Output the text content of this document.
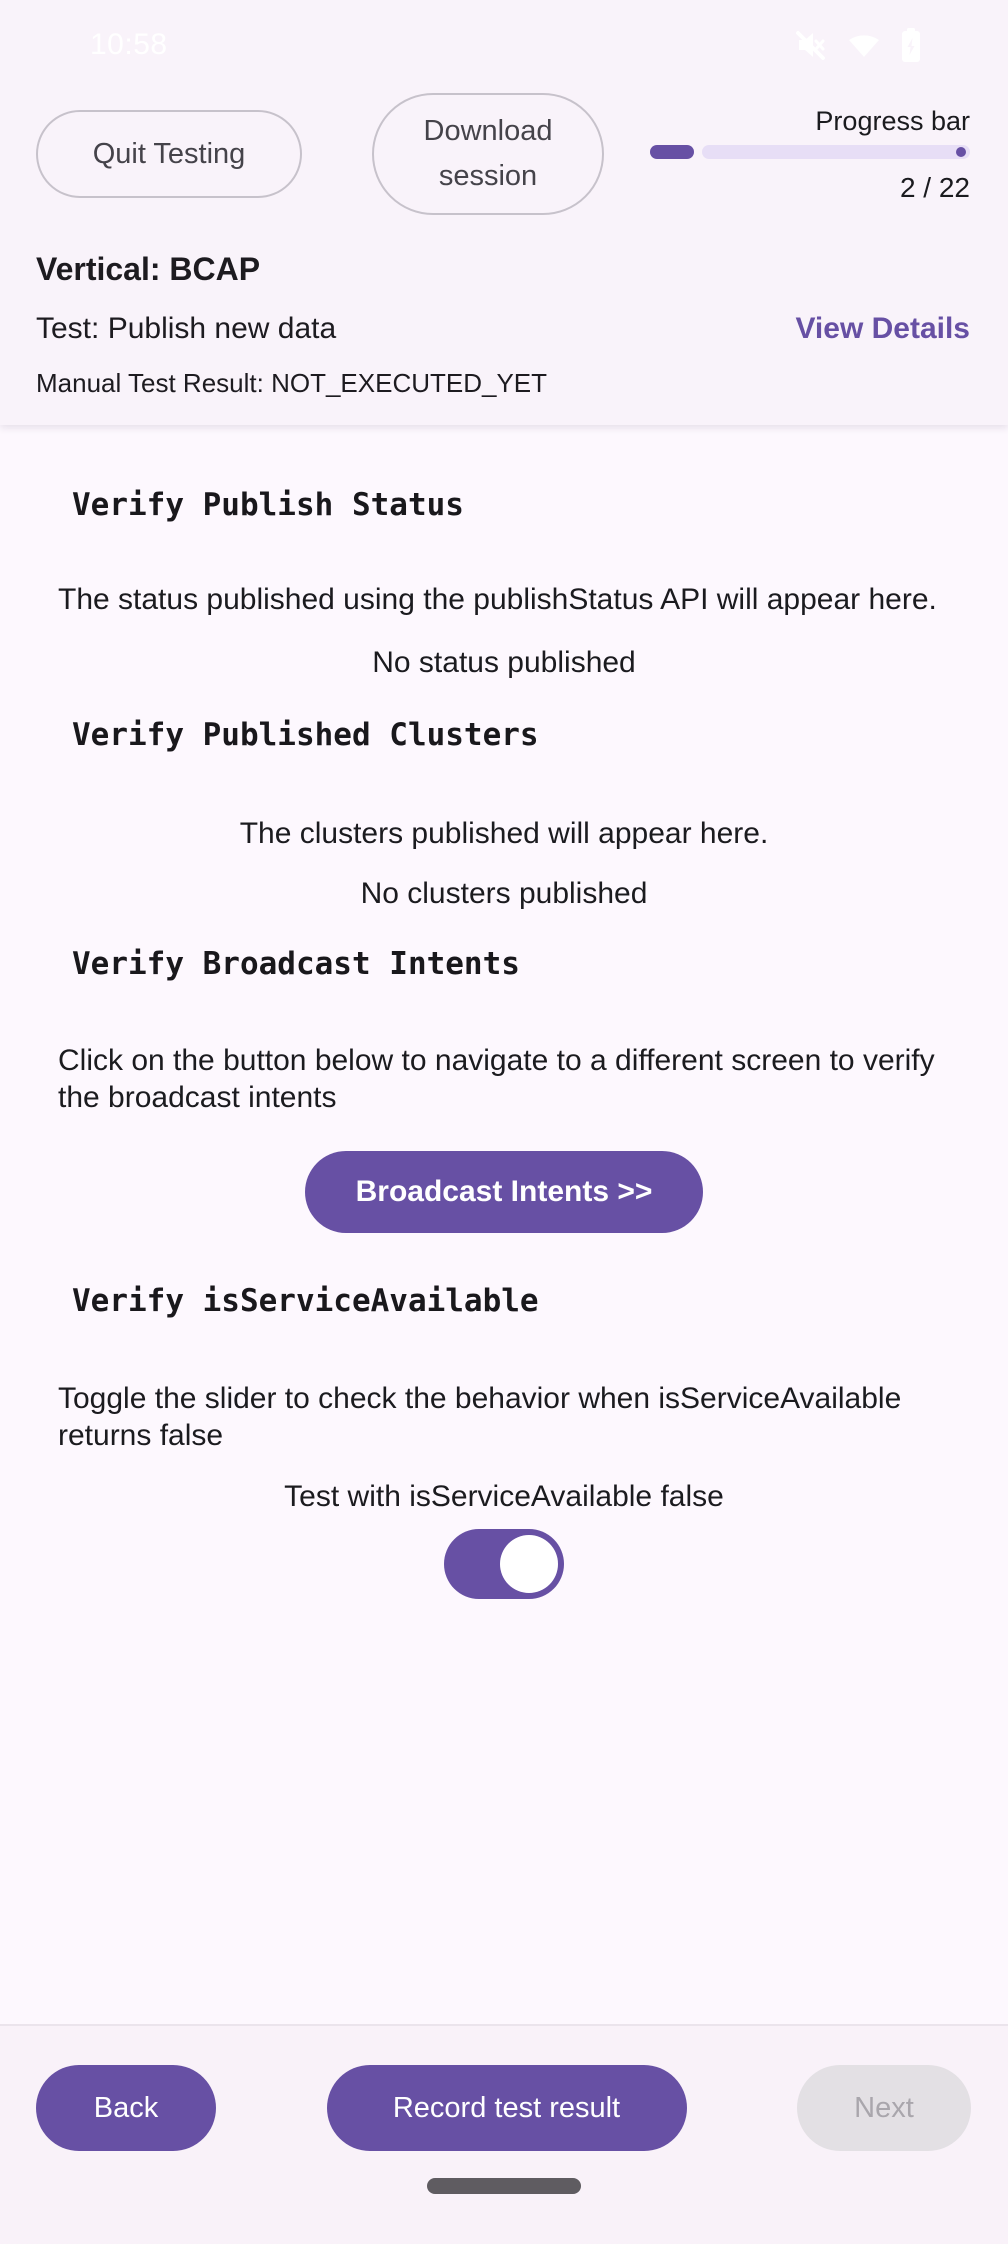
10:58
Quit Testing
Download session
Progress bar
2 / 22
Vertical: BCAP
Test: Publish new data	View Details
Manual Test Result: NOT_EXECUTED_YET
Verify Publish Status
The status published using the publishStatus API will appear here.
No status published
Verify Published Clusters
The clusters published will appear here.
No clusters published
Verify Broadcast Intents
Click on the button below to navigate to a different screen to verify the broadcast intents
Broadcast Intents >>
Verify isServiceAvailable
Toggle the slider to check the behavior when isServiceAvailable returns false
Test with isServiceAvailable false
Back	Record test result	Next
